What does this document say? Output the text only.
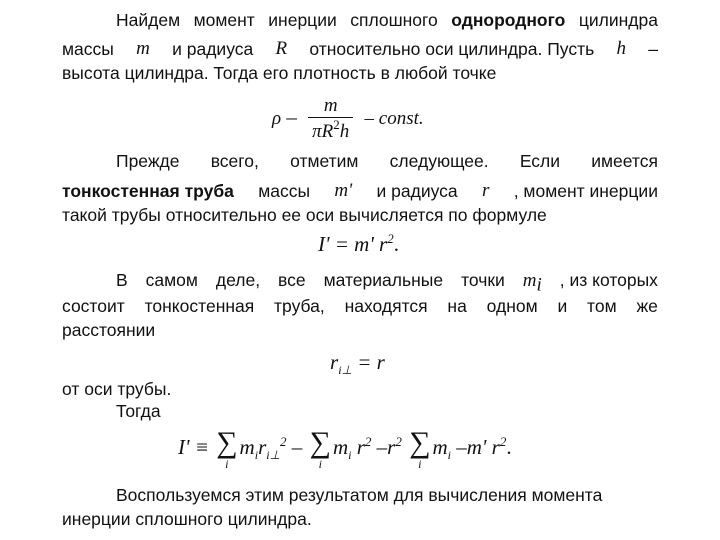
Найдем момент инерции сплошного однородного цилиндра
массы m и радиуса R относительно оси цилиндра. Пусть h –
высота цилиндра. Тогда его плотность в любой точке
ρ – $\frac{m}{\pi R^2h}$ – const.
Прежде всего, отметим следующее. Если имеется
тонкостенная труба массы m' и радиуса r , момент инерции
такой трубы относительно ее оси вычисляется по формуле
I' = m' $r^2$.
В самом деле, все материальные точки $m_i$ , из которых
состоит тонкостенная труба, находятся на одном и том же
расстоянии
$r_{i\perp} = r$
от оси трубы.
Тогда
I' ≡ ∑
i
$m_ir_{i\perp}^2$ – ∑
i
$m_i$ $r^2$ $-r^2$ ∑
i
$m_i$ –m' $r^2$.
Воспользуемся этим результатом для вычисления момента
инерции сплошного цилиндра.
